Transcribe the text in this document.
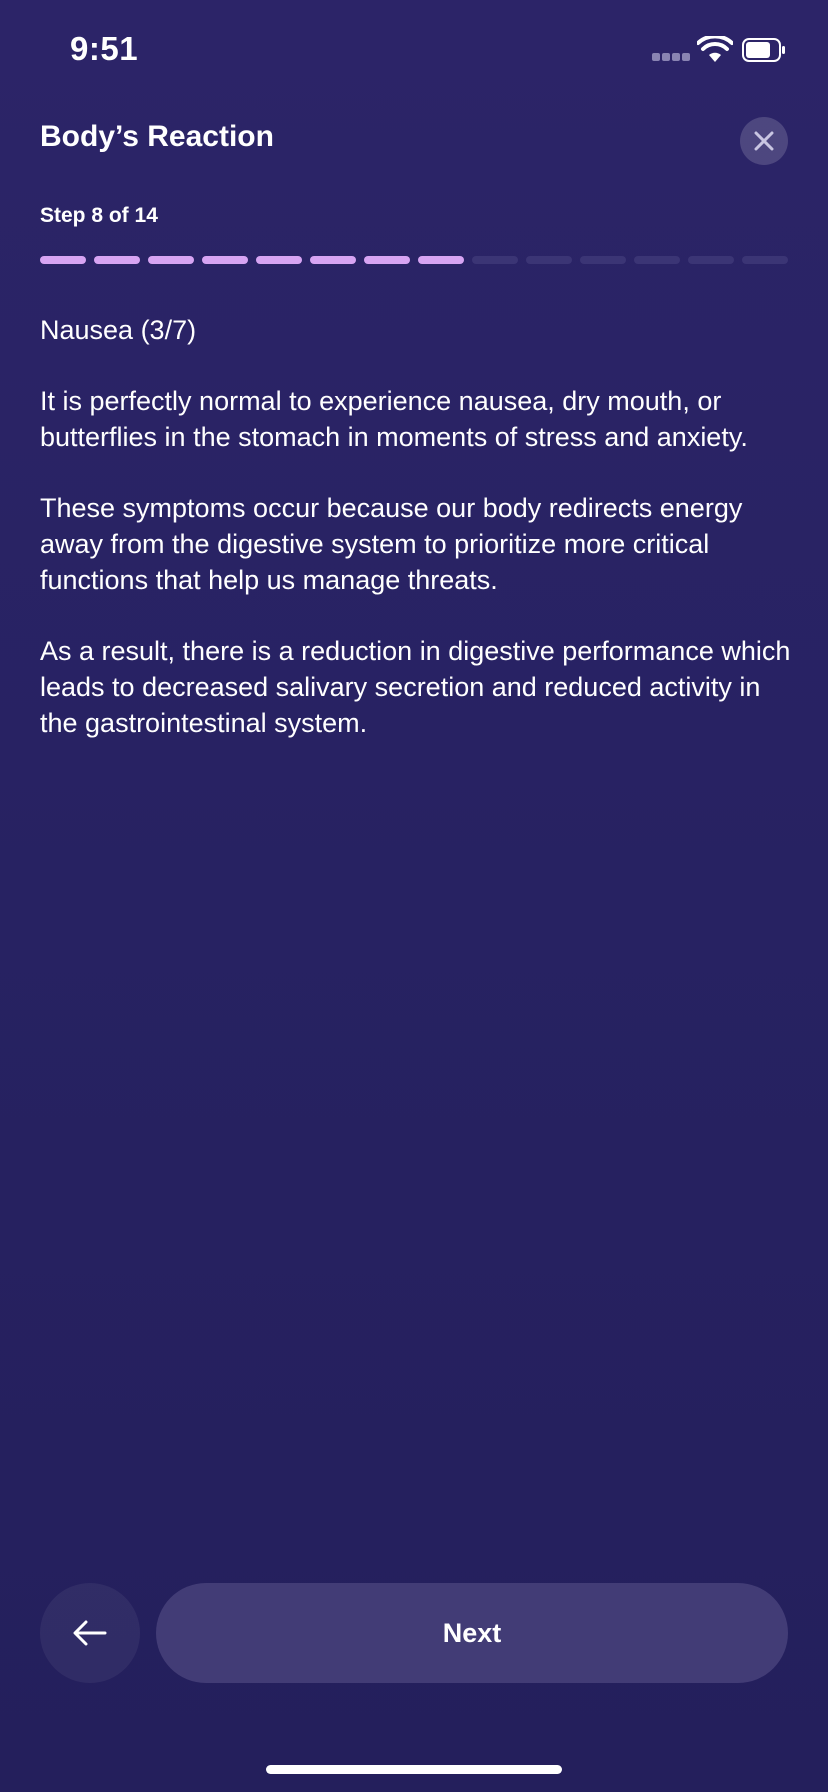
9:51
Body’s Reaction
Step 8 of 14

Nausea (3/7)

It is perfectly normal to experience nausea, dry mouth, or butterflies in the stomach in moments of stress and anxiety.

These symptoms occur because our body redirects energy away from the digestive system to prioritize more critical functions that help us manage threats.

As a result, there is a reduction in digestive performance which leads to decreased salivary secretion and reduced activity in the gastrointestinal system.

Next
